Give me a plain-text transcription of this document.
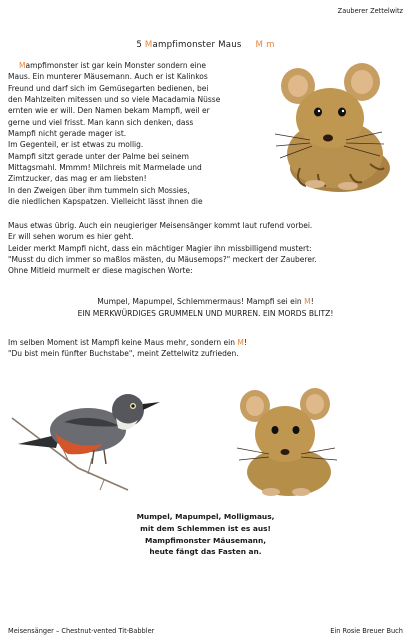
Zauberer Zettelwitz
5 Mampfimonster Maus M m
Mampfimonster ist gar kein Monster sondern eine
Maus. Ein munterer Mäusemann. Auch er ist Kalinkos
Freund und darf sich im Gemüsegarten bedienen, bei
den Mahlzeiten mitessen und so viele Macadamia Nüsse
ernten wie er will. Den Namen bekam Mampfi, weil er
gerne und viel frisst. Man kann sich denken, dass
Mampfi nicht gerade mager ist.
Im Gegenteil, er ist etwas zu mollig.
Mampfi sitzt gerade unter der Palme bei seinem
Mittagsmahl. Mmmm! Milchreis mit Marmelade und
Zimtzucker, das mag er am liebsten!
In den Zweigen über ihm tummeln sich Mossies,
die niedlichen Kapspatzen. Vielleicht lässt ihnen die
Maus etwas übrig. Auch ein neugieriger Meisensänger kommt laut rufend vorbei.
Er will sehen worum es hier geht.
Leider merkt Mampfi nicht, dass ein mächtiger Magier ihn missbilligend mustert:
"Musst du dich immer so maßlos mästen, du Mäusemops?" meckert der Zauberer.
Ohne Mitleid murmelt er diese magischen Worte:
Mumpel, Mapumpel, Schlemmermaus! Mampfi sei ein M!
EIN MERKWÜRDIGES GRUMMELN UND MURREN. EIN MORDS BLITZ!
Im selben Moment ist Mampfi keine Maus mehr, sondern ein M!
"Du bist mein fünfter Buchstabe", meint Zettelwitz zufrieden.
Mumpel, Mapumpel, Molligmaus,
mit dem Schlemmen ist es aus!
Mampfimonster Mäusemann,
heute fängt das Fasten an.
Meisensänger – Chestnut-vented Tit-Babbler	Ein Rosie Breuer Buch
